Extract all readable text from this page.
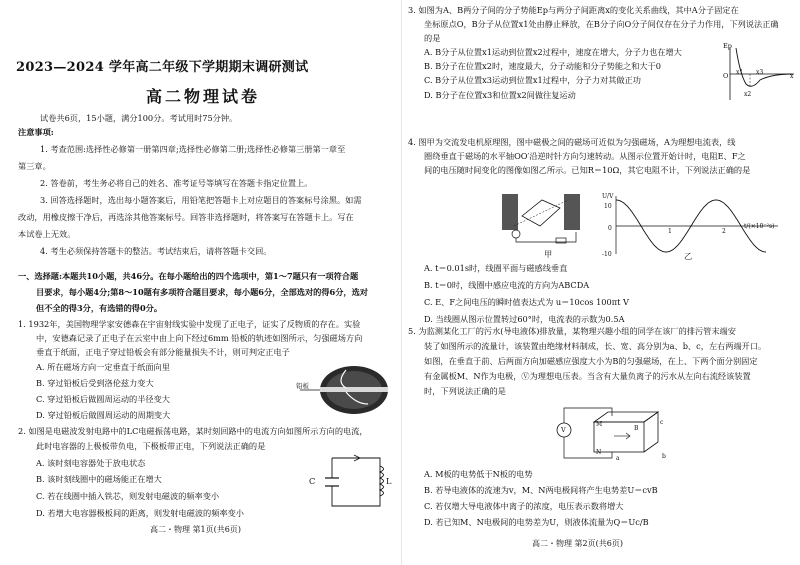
2023—2024 学年高二年级下学期期末调研测试
高二物理试卷
试卷共6页，15小题，满分100分。考试用时75分钟。
注意事项:
1. 考查范围:选择性必修第一册第四章;选择性必修第二册;选择性必修第三册第一章至
第三章。
2. 答卷前，考生务必将自己的姓名、准考证号等填写在答题卡指定位置上。
3. 回答选择题时，选出每小题答案后，用铅笔把答题卡上对应题目的答案标号涂黑。如需
改动，用橡皮擦干净后，再选涂其他答案标号。回答非选择题时，将答案写在答题卡上。写在
本试卷上无效。
4. 考生必须保持答题卡的整洁。考试结束后，请将答题卡交回。
一、选择题:本题共10小题，共46分。在每小题给出的四个选项中，第1～7题只有一项符合题
目要求，每小题4分;第8～10题有多项符合题目要求，每小题6分，全部选对的得6分，选对
但不全的得3分，有选错的得0分。
1. 1932年，美国物理学家安德森在宇宙射线实验中发现了正电子，证实了反物质的存在。实验
中，安德森记录了正电子在云室中由上向下经过6mm 铅板的轨迹如图所示，匀强磁场方向
垂直于纸面，正电子穿过铅板会有部分能量损失不计，则可判定正电子
A. 所在磁场方向一定垂直于纸面向里
B. 穿过铅板后受到洛伦兹力变大
C. 穿过铅板后做圆周运动的半径变大
D. 穿过铅板后做圆周运动的周期变大
铅板
2. 如图是电磁波发射电路中的LC电磁振荡电路，某时刻回路中的电流方向如图所示方向的电流，
此时电容器的上极板带负电，下极板带正电，下列说法正确的是
A. 该时刻电容器处于放电状态
B. 该时刻线圈中的磁场能正在增大
C. 若在线圈中插入铁芯，则发射电磁波的频率变小
D. 若增大电容器极板间的距离，则发射电磁波的频率变小
C	L
高二・物理 第1页(共6页)
3. 如图为A、B两分子间的分子势能Ep与两分子间距离x的变化关系曲线，其中A分子固定在
坐标原点O，B分子从位置x1处由静止释放，在B分子向O分子间仅存在分子力作用，下列说法正确
的是
A. B分子从位置x1运动到位置x2过程中，速度在增大，分子力也在增大
B. B分子在位置x2时，速度最大，分子动能和分子势能之和大于0
C. B分子从位置x3运动到位置x1过程中，分子力对其做正功
D. B分子在位置x3和位置x2间做往复运动
Ep
O
x2
x3
x1
x
4. 图甲为交流发电机原理图，图中磁极之间的磁场可近似为匀强磁场，A为理想电流表，线
圈绕垂直于磁场的水平轴OO′沿逆时针方向匀速转动。从图示位置开始计时，电阻E、F之
间的电压随时间变化的图像如图乙所示。已知R＝10Ω，其它电阻不计，下列说法正确的是
甲
U/V
t/(×10⁻²s)
10
0
-10
1	2
乙
A. t＝0.01s时，线圈平面与磁感线垂直
B. t＝0时，线圈中感应电流的方向为ABCDA
C. E、F之间电压的瞬时值表达式为 u＝10cos 100πt V
D. 当线圈从图示位置转过60°时，电流表的示数为0.5A
5. 为监测某化工厂的污水(导电液体)排放量，某物理兴趣小组的同学在该厂的排污管末端安
装了如图所示的流量计，该装置由绝缘材料制成，长、宽、高分别为a、b、c，左右两端开口。
如图，在垂直于前、后两面方向加磁感应强度大小为B的匀强磁场，在上、下两个面分别固定
有金属板M、N作为电极，Ⓥ为理想电压表。当含有大量负离子的污水从左向右流经该装置
时，下列说法正确的是
V
M
N
a	b
c
B
A. M板的电势低于N板的电势
B. 若导电液体的流速为v，M、N两电极间将产生电势差U＝cvB
C. 若仅增大导电液体中离子的浓度，电压表示数将增大
D. 若已知M、N电极间的电势差为U，则液体流量为Q＝Uc/B
高二・物理 第2页(共6页)
